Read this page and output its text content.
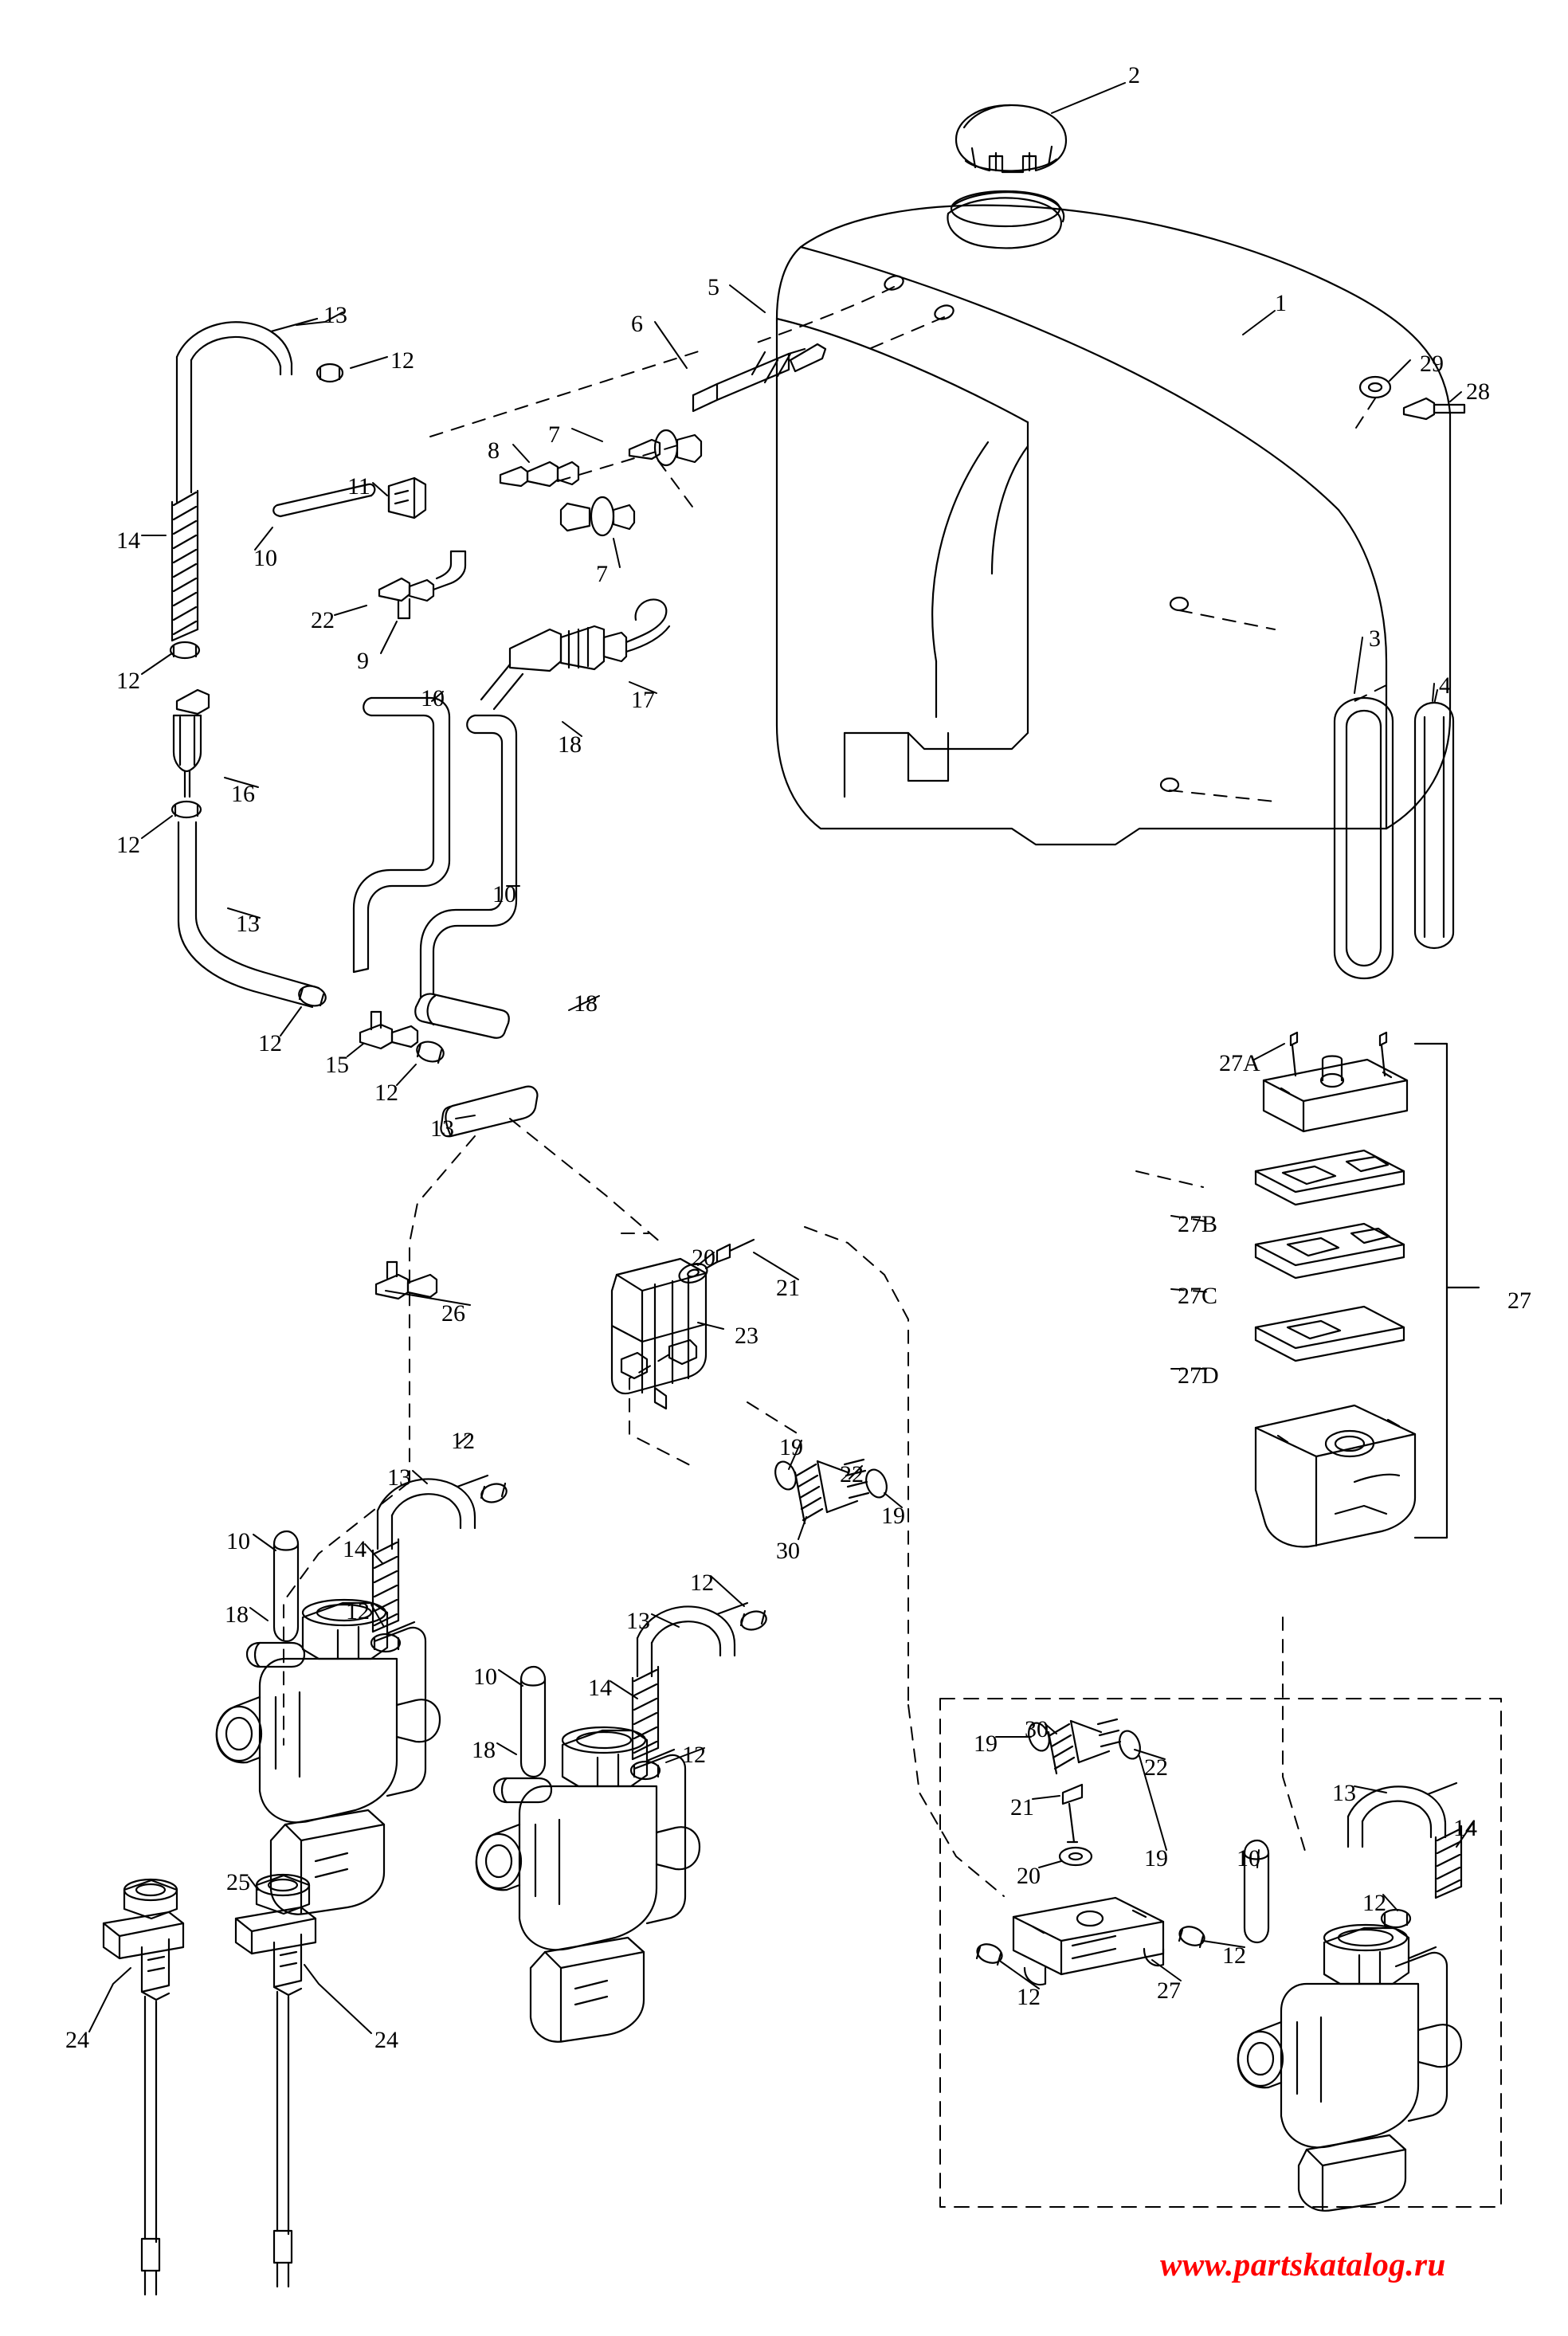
2
5
1
13	6
12	29
28
7
8
11
14
10
7
22
9
3
17
12	4
10
18
16
10
12
13
18
12
15
12
13
27A
27B
27C
27D
27
20
21
26
23
19
22
12
13
19
30
10	14
18	12
12
13
10	14
18	12	19
30
22
21
13
10
14
19
20
12
12
27
12
25
24	24
www.partskatalog.ru
